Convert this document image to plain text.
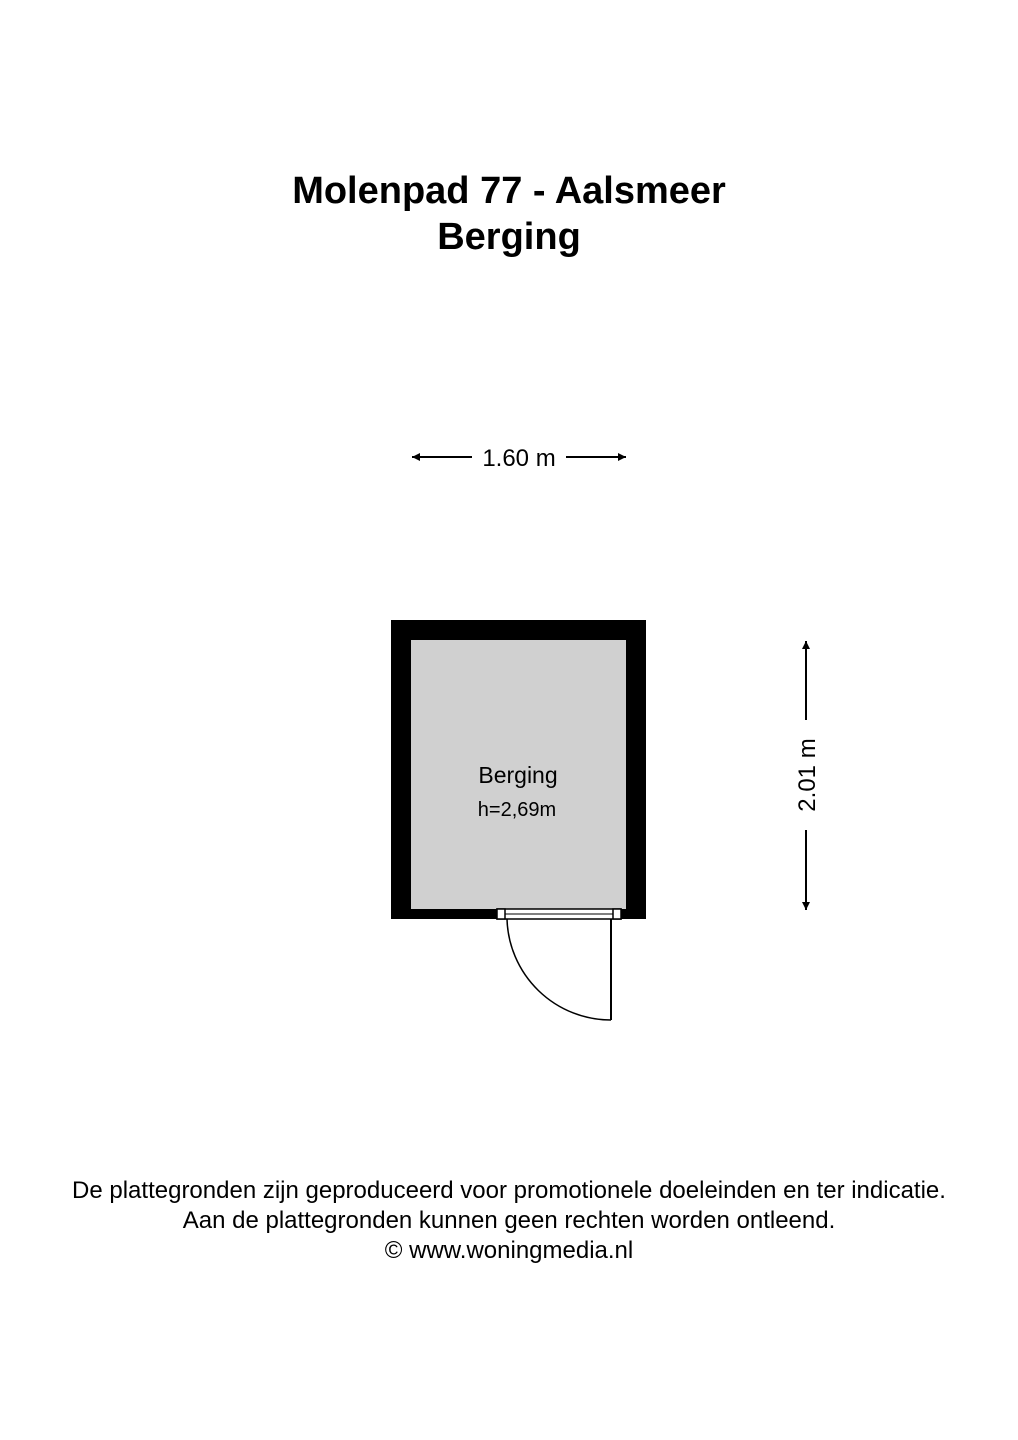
Molenpad 77 - Aalsmeer
Berging
1.60 m
2.01 m
Berging
h=2,69m
De plattegronden zijn geproduceerd voor promotionele doeleinden en ter indicatie.
Aan de plattegronden kunnen geen rechten worden ontleend.
© www.woningmedia.nl
